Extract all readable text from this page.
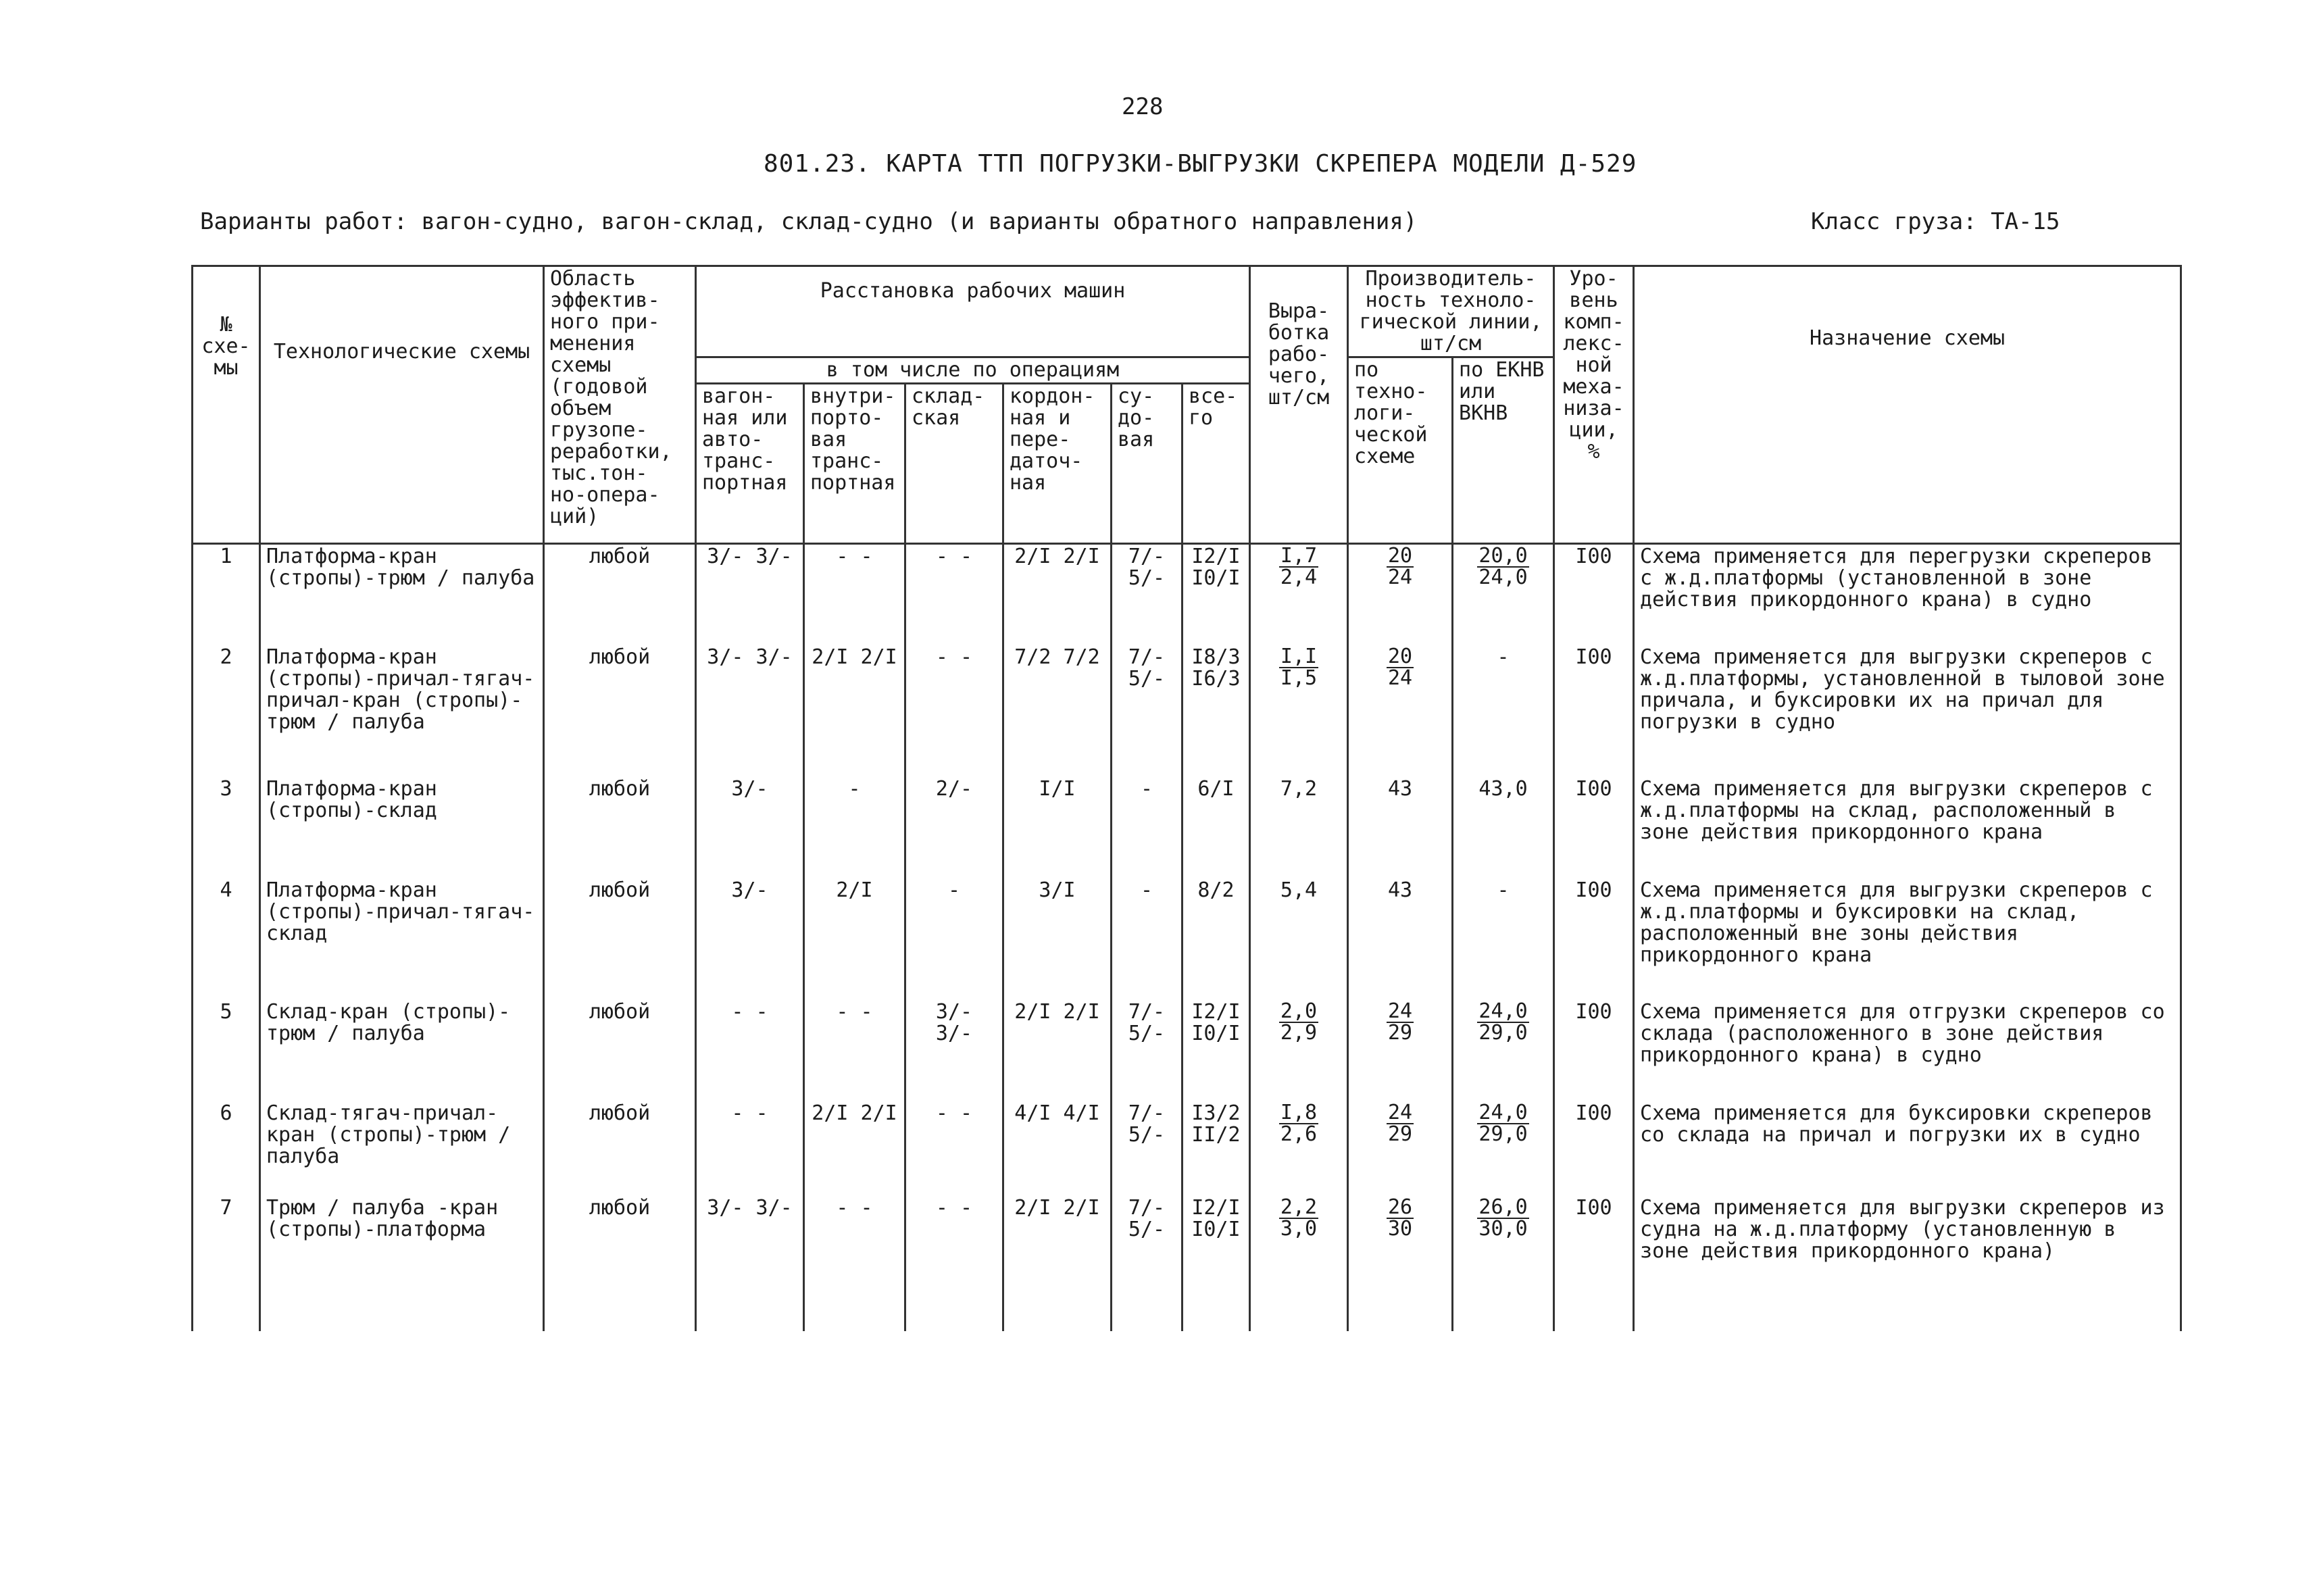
228
801.23. КАРТА ТТП ПОГРУЗКИ-ВЫГРУЗКИ СКРЕПЕРА МОДЕЛИ Д-529
Варианты работ: вагон-судно, вагон-склад, склад-судно (и варианты обратного направления)	Класс груза: ТА-15
№ схе- мы	Технологические схемы	Область эффектив- ного при- менения схемы (годовой объем грузопе- реработки, тыс.тон- но-опера- ций)	Расстановка рабочих машин						Выра- ботка рабо- чего, шт/см	Производитель- ность техноло- гической линии, шт/см		Уро- вень комп- лекс- ной меха- низа- ции, %	Назначение схемы
			в том числе по операциям							по техно- логи- ческой схеме	по ЕКНВ или ВКНВ		
			вагон- ная или авто- транс- портная	внутри- порто- вая транс- портная	склад- ская	кордон- ная и пере- даточ- ная	су- до- вая	все- го					
1	Платформа-кран (стропы)-трюм / палуба	любой	3/- 3/-	- -	- -	2/I 2/I	7/- 5/-	I2/I I0/I	$\frac{I,7}{2,4}$	$\frac{20}{24}$	$\frac{20,0}{24,0}$	I00	Схема применяется для перегрузки скреперов с ж.д.платформы (установленной в зоне действия прикордонного крана) в судно
2	Платформа-кран (стропы)-причал-тягач-причал-кран (стропы)-трюм / палуба	любой	3/- 3/-	2/I 2/I	- -	7/2 7/2	7/- 5/-	I8/3 I6/3	$\frac{I,I}{I,5}$	$\frac{20}{24}$	-	I00	Схема применяется для выгрузки скреперов с ж.д.платформы, установленной в тыловой зоне причала, и буксировки их на причал для погрузки в судно
3	Платформа-кран (стропы)-склад	любой	3/-	-	2/-	I/I	-	6/I	7,2	43	43,0	I00	Схема применяется для выгрузки скреперов с ж.д.платформы на склад, расположенный в зоне действия прикордонного крана
4	Платформа-кран (стропы)-причал-тягач-склад	любой	3/-	2/I	-	3/I	-	8/2	5,4	43	-	I00	Схема применяется для выгрузки скреперов с ж.д.платформы и буксировки на склад, расположенный вне зоны действия прикордонного крана
5	Склад-кран (стропы)-трюм / палуба	любой	- -	- -	3/- 3/-	2/I 2/I	7/- 5/-	I2/I I0/I	$\frac{2,0}{2,9}$	$\frac{24}{29}$	$\frac{24,0}{29,0}$	I00	Схема применяется для отгрузки скреперов со склада (расположенного в зоне действия прикордонного крана) в судно
6	Склад-тягач-причал-кран (стропы)-трюм / палуба	любой	- -	2/I 2/I	- -	4/I 4/I	7/- 5/-	I3/2 II/2	$\frac{I,8}{2,6}$	$\frac{24}{29}$	$\frac{24,0}{29,0}$	I00	Схема применяется для буксировки скреперов со склада на причал и погрузки их в судно
7	Трюм / палуба -кран (стропы)-платформа	любой	3/- 3/-	- -	- -	2/I 2/I	7/- 5/-	I2/I I0/I	$\frac{2,2}{3,0}$	$\frac{26}{30}$	$\frac{26,0}{30,0}$	I00	Схема применяется для выгрузки скреперов из судна на ж.д.платформу (установленную в зоне действия прикордонного крана)
